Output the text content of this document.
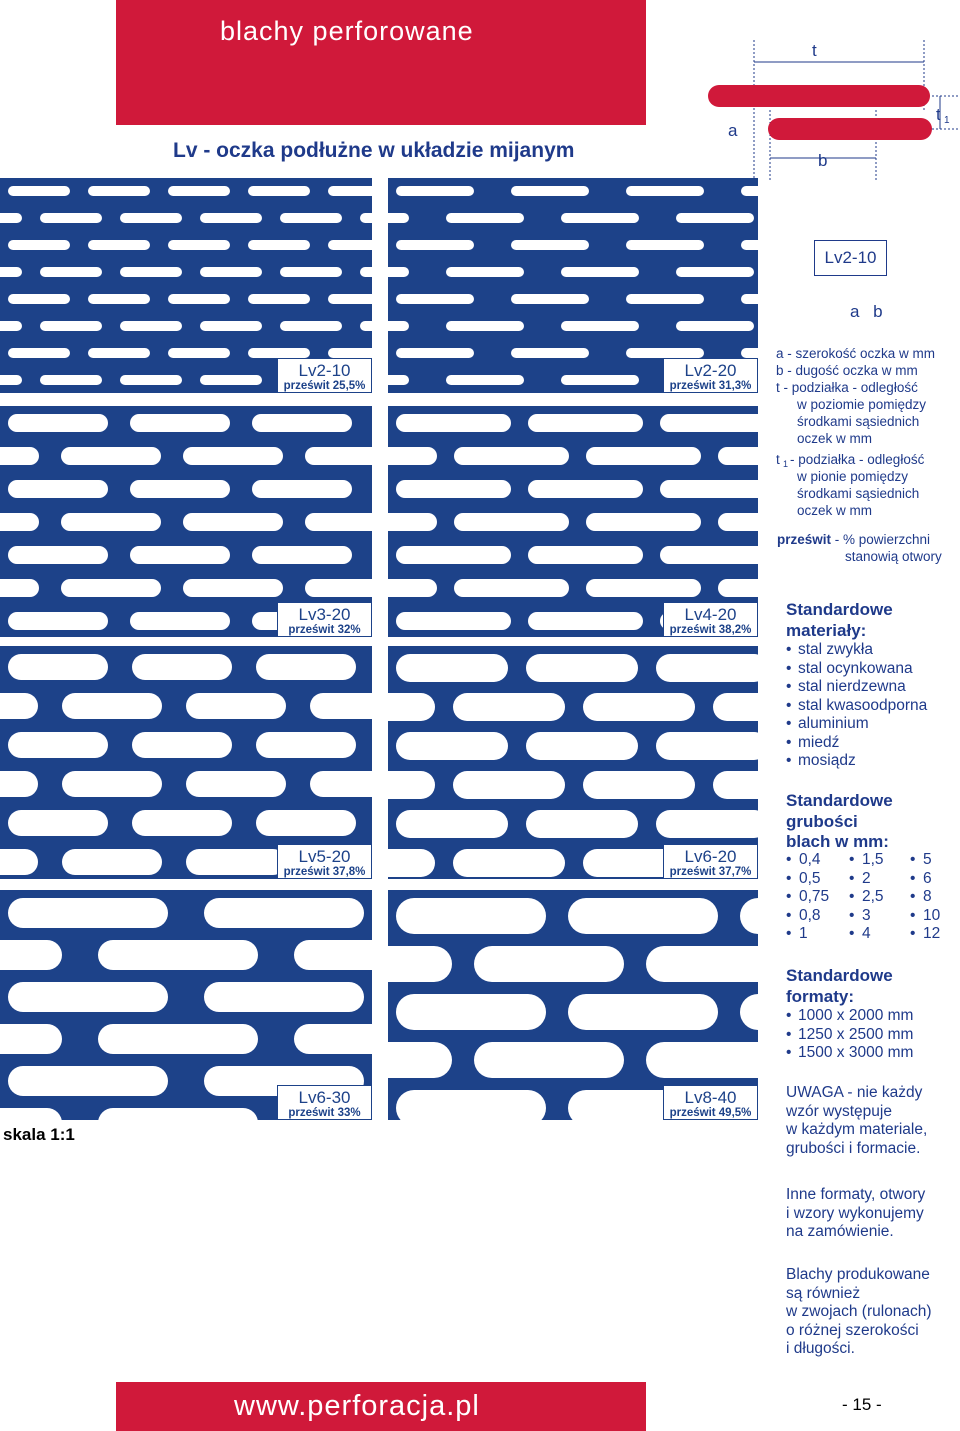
blachy perforowane
Lv - oczka podłużne w układzie mijanym
t
t 1
a
b
Lv2-10
a b
Lv2-10
prześwit 25,5%
Lv2-20
prześwit 31,3%
Lv3-20
prześwit 32%
Lv4-20
prześwit 38,2%
Lv5-20
prześwit 37,8%
Lv6-20
prześwit 37,7%
Lv6-30
prześwit 33%
Lv8-40
prześwit 49,5%
a - szerokość oczka w mm
b - dugość oczka w mm
t - podziałka - odległość
w poziomie pomiędzy
środkami sąsiednich
oczek w mm
t 1 - podziałka - odległość
w pionie pomiędzy
środkami sąsiednich
oczek w mm
prześwit - % powierzchni
stanowią otwory
Standardowe
materiały:
• stal zwykła
• stal ocynkowana
• stal nierdzewna
• stal kwasoodporna
• aluminium
• miedź
• mosiądz
Standardowe
grubości
blach w mm:
• 0,4
• 0,5
• 0,75
• 0,8
• 1
• 1,5
• 2
• 2,5
• 3
• 4
• 5
• 6
• 8
• 10
• 12
Standardowe
formaty:
• 1000 x 2000 mm
• 1250 x 2500 mm
• 1500 x 3000 mm
UWAGA - nie każdy
wzór występuje
w każdym materiale,
grubości i formacie.
Inne formaty, otwory
i wzory wykonujemy
na zamówienie.
Blachy produkowane
są również
w zwojach (rulonach)
o różnej szerokości
i długości.
skala 1:1
www.perforacja.pl	- 15 -
